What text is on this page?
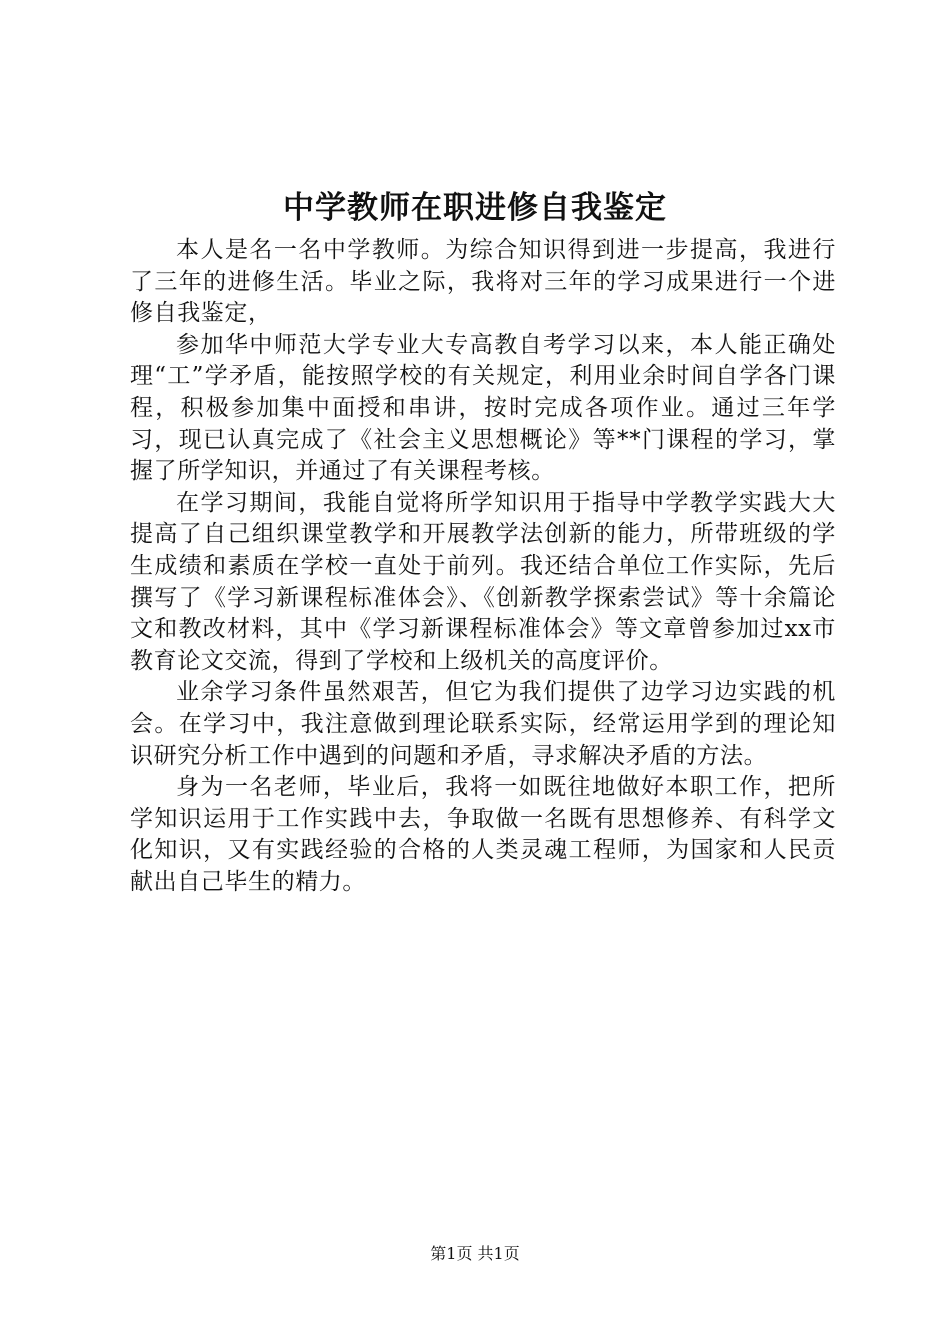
中学教师在职进修自我鉴定

本人是名一名中学教师。为综合知识得到进一步提高，我进行了三年的进修生活。毕业之际，我将对三年的学习成果进行一个进修自我鉴定，

参加华中师范大学专业大专高教自考学习以来，本人能正确处理“工”学矛盾，能按照学校的有关规定，利用业余时间自学各门课程，积极参加集中面授和串讲，按时完成各项作业。通过三年学习，现已认真完成了《社会主义思想概论》等**门课程的学习，掌握了所学知识，并通过了有关课程考核。

在学习期间，我能自觉将所学知识用于指导中学教学实践大大提高了自己组织课堂教学和开展教学法创新的能力，所带班级的学生成绩和素质在学校一直处于前列。我还结合单位工作实际，先后撰写了《学习新课程标准体会》、《创新教学探索尝试》等十余篇论文和教改材料，其中《学习新课程标准体会》等文章曾参加过xx市教育论文交流，得到了学校和上级机关的高度评价。

业余学习条件虽然艰苦，但它为我们提供了边学习边实践的机会。在学习中，我注意做到理论联系实际，经常运用学到的理论知识研究分析工作中遇到的问题和矛盾，寻求解决矛盾的方法。

身为一名老师，毕业后，我将一如既往地做好本职工作，把所学知识运用于工作实践中去，争取做一名既有思想修养、有科学文化知识，又有实践经验的合格的人类灵魂工程师，为国家和人民贡献出自己毕生的精力。

第1页 共1页
